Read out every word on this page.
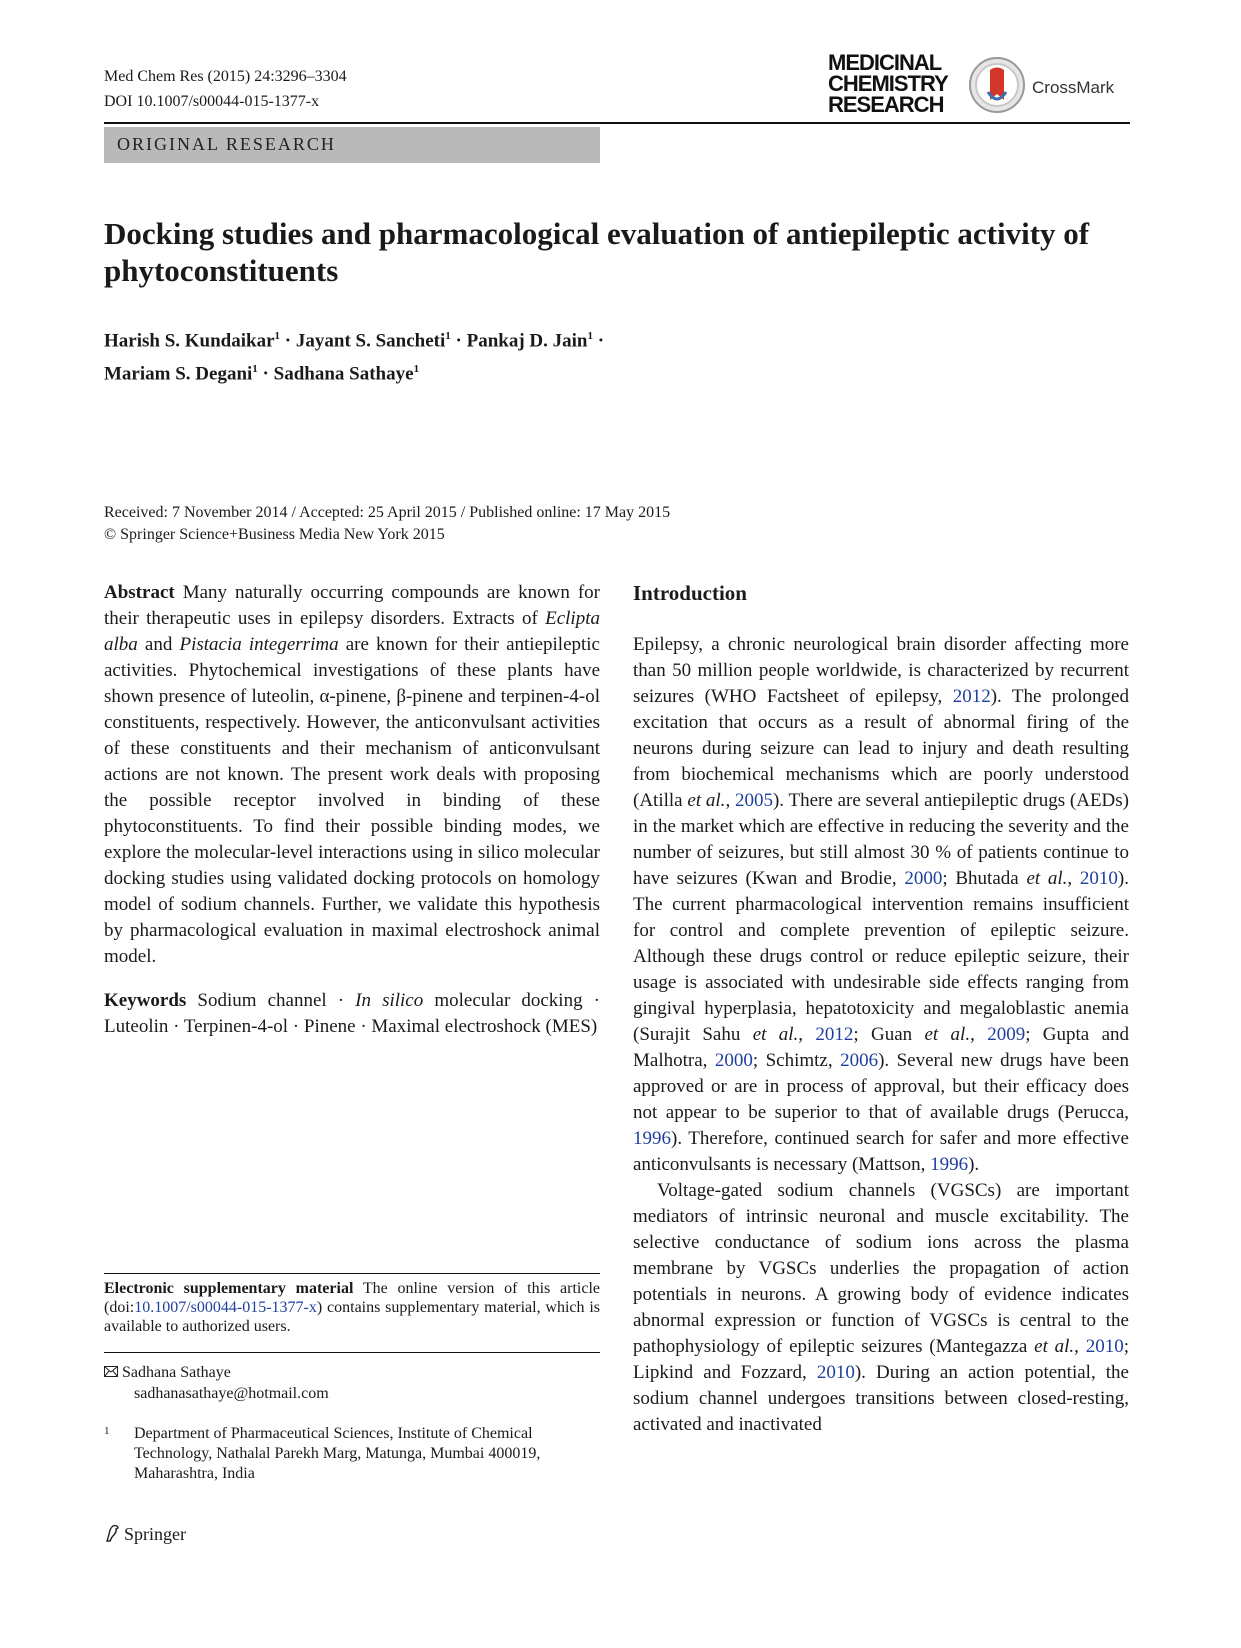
Med Chem Res (2015) 24:3296–3304
DOI 10.1007/s00044-015-1377-x
MEDICINAL
CHEMISTRY
RESEARCH
CrossMark
ORIGINAL RESEARCH
Docking studies and pharmacological evaluation of antiepileptic activity of phytoconstituents
Harish S. Kundaikar$^1$ · Jayant S. Sancheti$^1$ · Pankaj D. Jain$^1$ ·
Mariam S. Degani$^1$ · Sadhana Sathaye$^1$
Received: 7 November 2014 / Accepted: 25 April 2015 / Published online: 17 May 2015
© Springer Science+Business Media New York 2015

Abstract Many naturally occurring compounds are known for their therapeutic uses in epilepsy disorders. Extracts of Eclipta alba and Pistacia integerrima are known for their antiepileptic activities. Phytochemical investigations of these plants have shown presence of luteolin, α-pinene, β-pinene and terpinen-4-ol constituents, respectively. However, the anticonvulsant activities of these constituents and their mechanism of anticonvulsant actions are not known. The present work deals with proposing the possible receptor involved in binding of these phytoconstituents. To find their possible binding modes, we explore the molecular-level interactions using in silico molecular docking studies using validated docking protocols on homology model of sodium channels. Further, we validate this hypothesis by pharmacological evaluation in maximal electroshock animal model.

Keywords Sodium channel · In silico molecular docking · Luteolin · Terpinen-4-ol · Pinene · Maximal electroshock (MES)

Electronic supplementary material The online version of this article (doi:10.1007/s00044-015-1377-x) contains supplementary material, which is available to authorized users.
Sadhana Sathaye
sadhanasathaye@hotmail.com
1 Department of Pharmaceutical Sciences, Institute of Chemical Technology, Nathalal Parekh Marg, Matunga, Mumbai 400019, Maharashtra, India
Springer

Introduction

Epilepsy, a chronic neurological brain disorder affecting more than 50 million people worldwide, is characterized by recurrent seizures (WHO Factsheet of epilepsy, 2012). The prolonged excitation that occurs as a result of abnormal firing of the neurons during seizure can lead to injury and death resulting from biochemical mechanisms which are poorly understood (Atilla et al., 2005). There are several antiepileptic drugs (AEDs) in the market which are effective in reducing the severity and the number of seizures, but still almost 30 % of patients continue to have seizures (Kwan and Brodie, 2000; Bhutada et al., 2010). The current pharmacological intervention remains insufficient for control and complete prevention of epileptic seizure. Although these drugs control or reduce epileptic seizure, their usage is associated with undesirable side effects ranging from gingival hyperplasia, hepatotoxicity and megaloblastic anemia (Surajit Sahu et al., 2012; Guan et al., 2009; Gupta and Malhotra, 2000; Schimtz, 2006). Several new drugs have been approved or are in process of approval, but their efficacy does not appear to be superior to that of available drugs (Perucca, 1996). Therefore, continued search for safer and more effective anticonvulsants is necessary (Mattson, 1996).

Voltage-gated sodium channels (VGSCs) are important mediators of intrinsic neuronal and muscle excitability. The selective conductance of sodium ions across the plasma membrane by VGSCs underlies the propagation of action potentials in neurons. A growing body of evidence indicates abnormal expression or function of VGSCs is central to the pathophysiology of epileptic seizures (Mantegazza et al., 2010; Lipkind and Fozzard, 2010). During an action potential, the sodium channel undergoes transitions between closed-resting, activated and inactivated
